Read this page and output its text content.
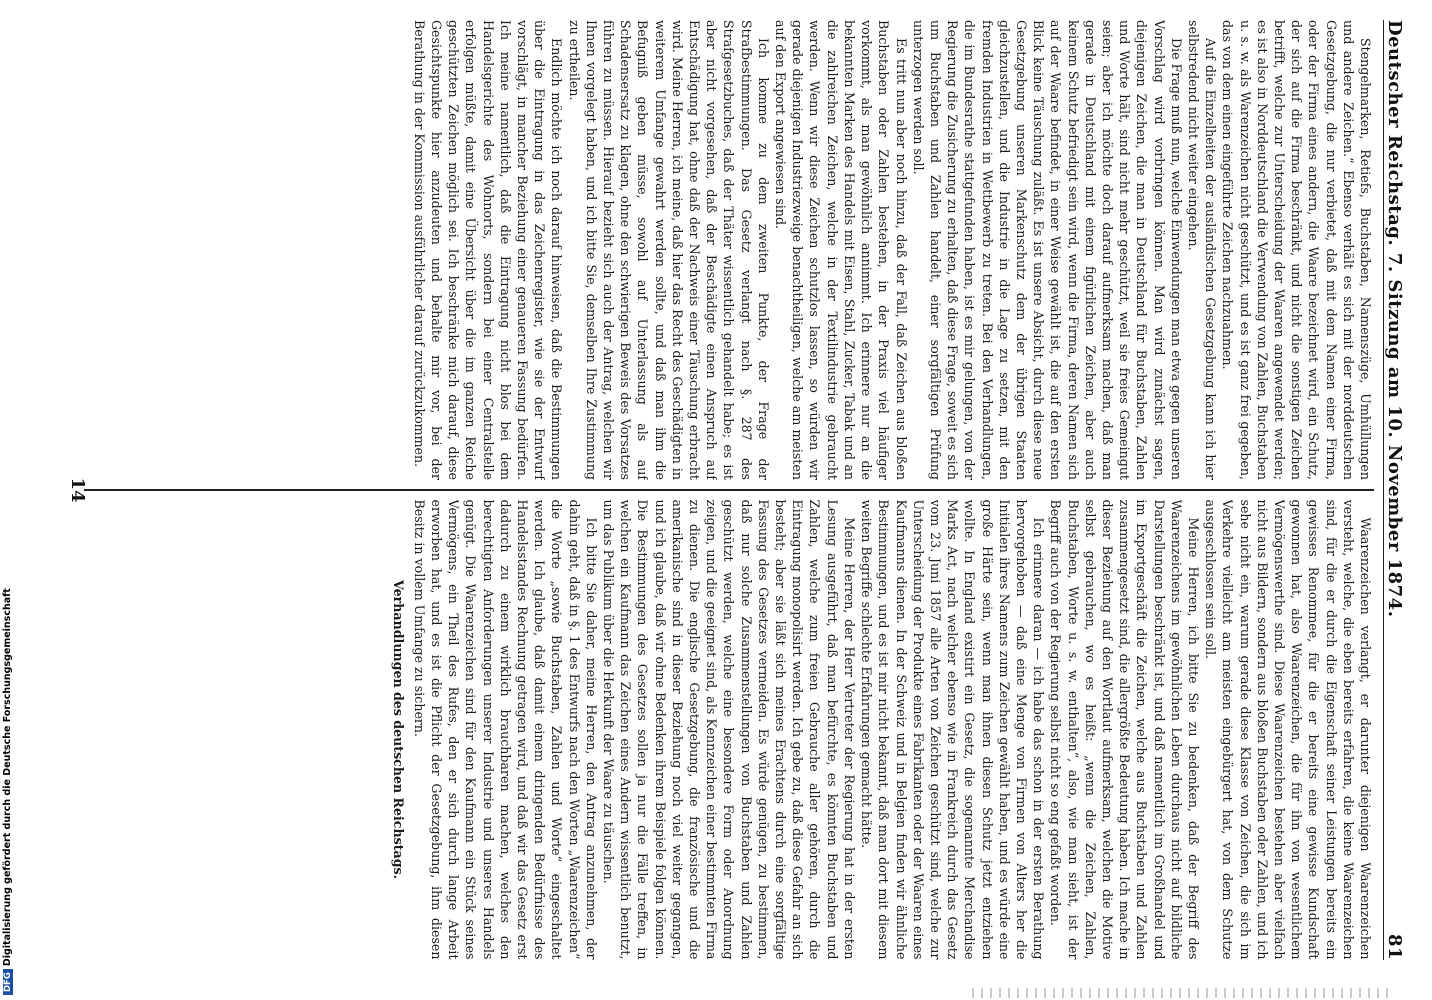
Deutscher Reichstag. 7. Sitzung am 10. November 1874.
81

Stengelmarken, Retiefs, Buchstaben, Namenszüge, Umhüllungen und andere Zeichen.“ Ebenso verhält es sich mit der norddeutschen Gesetzgebung, die nur verbietet, daß mit dem Namen einer Firma, oder der Firma eines andern, die Waare bezeichnet wird, ein Schutz, der sich auf die Firma beschränkt, und nicht die sonstigen Zeichen betrifft, welche zur Unterscheidung der Waaren angewendet werden; es ist also in Norddeutschland die Verwendung von Zahlen, Buchstaben u. s. w. als Warenzeichen nicht geschützt, und es ist ganz frei gegeben, das von dem einen eingeführte Zeichen nachzuahmen.

Auf die Einzelheiten der ausländischen Gesetzgebung kann ich hier selbstredend nicht weiter eingehen.

Die Frage muß nun, welche Einwendungen man etwa gegen unseren Vorschlag wird vorbringen können. Man wird zunächst sagen, diejenigen Zeichen, die man in Deutschland für Buchstaben, Zahlen und Worte hält, sind nicht mehr geschützt, weil sie freies Gemeingut seien; aber ich möchte doch darauf aufmerksam machen, daß man gerade in Deutschland mit einem figürlichen Zeichen, aber auch keinem Schutz befriedigt sein wird, wenn die Firma, deren Namen sich auf der Waare befindet, in einer Weise gewählt ist, die auf den ersten Blick keine Täuschung zuläßt. Es ist unsere Absicht, durch diese neue Gesetzgebung unseren Markenschutz dem der übrigen Staaten gleichzustellen, und die Industrie in die Lage zu setzen, mit den fremden Industrien in Wettbewerb zu treten. Bei den Verhandlungen, die im Bundesrathe stattgefunden haben, ist es mir gelungen, von der Regierung die Zusicherung zu erhalten, daß diese Frage, soweit es sich um Buchstaben und Zahlen handelt, einer sorgfältigen Prüfung unterzogen werden soll.

Es tritt nun aber noch hinzu, daß der Fall, daß Zeichen aus bloßen Buchstaben oder Zahlen bestehen, in der Praxis viel häufiger vorkommt, als man gewöhnlich annimmt. Ich erinnere nur an die bekannten Marken des Handels mit Eisen, Stahl, Zucker, Tabak und an die zahlreichen Zeichen, welche in der Textilindustrie gebraucht werden. Wenn wir diese Zeichen schutzlos lassen, so würden wir gerade diejenigen Industriezweige benachtheiligen, welche am meisten auf den Export angewiesen sind.

Ich komme zu dem zweiten Punkte, der Frage der Strafbestimmungen. Das Gesetz verlangt nach §. 287 des Strafgesetzbuches, daß der Thäter wissentlich gehandelt habe; es ist aber nicht vorgesehen, daß der Beschädigte einen Anspruch auf Entschädigung hat, ohne daß der Nachweis einer Täuschung erbracht wird. Meine Herren, ich meine, daß hier das Recht des Geschädigten in weiterem Umfange gewahrt werden sollte, und daß man ihm die Befugniß geben müsse, sowohl auf Unterlassung als auf Schadensersatz zu klagen, ohne den schwierigen Beweis des Vorsatzes führen zu müssen. Hierauf bezieht sich auch der Antrag, welchen wir Ihnen vorgelegt haben, und ich bitte Sie, demselben Ihre Zustimmung zu ertheilen.

Endlich möchte ich noch darauf hinweisen, daß die Bestimmungen über die Eintragung in das Zeichenregister, wie sie der Entwurf vorschlägt, in mancher Beziehung einer genaueren Fassung bedürfen. Ich meine namentlich, daß die Eintragung nicht blos bei dem Handelsgerichte des Wohnorts, sondern bei einer Centralstelle erfolgen müßte, damit eine Übersicht über die im ganzen Reiche geschützten Zeichen möglich sei. Ich beschränke mich darauf, diese Gesichtspunkte hier anzudeuten und behalte mir vor, bei der Berathung in der Kommission ausführlicher darauf zurückzukommen.

Waarenzeichen verlangt, er darunter diejenigen Waarenzeichen versteht, welche, die eben bereits erfahren, die keine Waarenzeichen sind, für die er durch die Eigenschaft seiner Leistungen bereits ein gewisses Renommee, für die er bereits eine gewisse Kundschaft gewonnen hat, also Waarenzeichen, die für ihn von wesentlichem Vermögenswerthe sind. Diese Waarenzeichen bestehen aber vielfach nicht aus Bildern, sondern aus bloßen Buchstaben oder Zahlen, und ich sehe nicht ein, warum gerade diese Klasse von Zeichen, die sich im Verkehre vielleicht am meisten eingebürgert hat, von dem Schutze ausgeschlossen sein soll.

Meine Herren, ich bitte Sie zu bedenken, daß der Begriff des Waarenzeichens im gewöhnlichen Leben durchaus nicht auf bildliche Darstellungen beschränkt ist, und daß namentlich im Großhandel und im Exportgeschäft die Zeichen, welche aus Buchstaben und Zahlen zusammengesetzt sind, die allergrößte Bedeutung haben. Ich mache in dieser Beziehung auf den Wortlaut aufmerksam, welchen die Motive selbst gebrauchen, wo es heißt: „wenn die Zeichen, Zahlen, Buchstaben, Worte u. s. w. enthalten“, also, wie man sieht, ist der Begriff auch von der Regierung selbst nicht so eng gefaßt worden.

Ich erinnere daran — ich habe das schon in der ersten Berathung hervorgehoben — daß eine Menge von Firmen von Alters her die Initialen ihres Namens zum Zeichen gewählt haben, und es würde eine große Härte sein, wenn man ihnen diesen Schutz jetzt entziehen wollte. In England existirt ein Gesetz, die sogenannte Merchandise Marks Act, nach welcher ebenso wie in Frankreich durch das Gesetz vom 23. Juni 1857 alle Arten von Zeichen geschützt sind, welche zur Unterscheidung der Produkte eines Fabrikanten oder der Waaren eines Kaufmanns dienen. In der Schweiz und in Belgien finden wir ähnliche Bestimmungen, und es ist mir nicht bekannt, daß man dort mit diesem weiten Begriffe schlechte Erfahrungen gemacht hätte.

Meine Herren, der Herr Vertreter der Regierung hat in der ersten Lesung ausgeführt, daß man befürchte, es könnten Buchstaben und Zahlen, welche zum freien Gebrauche aller gehören, durch die Eintragung monopolisirt werden. Ich gebe zu, daß diese Gefahr an sich besteht; aber sie läßt sich meines Erachtens durch eine sorgfältige Fassung des Gesetzes vermeiden. Es würde genügen, zu bestimmen, daß nur solche Zusammenstellungen von Buchstaben und Zahlen geschützt werden, welche eine besondere Form oder Anordnung zeigen, und die geeignet sind, als Kennzeichen einer bestimmten Firma zu dienen. Die englische Gesetzgebung, die französische und die amerikanische sind in dieser Beziehung noch viel weiter gegangen, und ich glaube, daß wir ohne Bedenken ihrem Beispiele folgen können. Die Bestimmungen des Gesetzes sollen ja nur die Fälle treffen, in welchen ein Kaufmann das Zeichen eines Andern wissentlich benutzt, um das Publikum über die Herkunft der Waare zu täuschen.

Ich bitte Sie daher, meine Herren, den Antrag anzunehmen, der dahin geht, daß in §. 1 des Entwurfs nach den Worten „Waarenzeichen“ die Worte „sowie Buchstaben, Zahlen und Worte“ eingeschaltet werden. Ich glaube, daß damit einem dringenden Bedürfnisse des Handelsstandes Rechnung getragen wird, und daß wir das Gesetz erst dadurch zu einem wirklich brauchbaren machen, welches den berechtigten Anforderungen unserer Industrie und unseres Handels genügt. Die Waarenzeichen sind für den Kaufmann ein Stück seines Vermögens, ein Theil des Rufes, den er sich durch lange Arbeit erworben hat, und es ist die Pflicht der Gesetzgebung, ihm diesen Besitz in vollem Umfange zu sichern.

Verhandlungen des deutschen Reichstags.

14
DFGDigitalisierung gefördert durch die Deutsche Forschungsgemeinschaft
